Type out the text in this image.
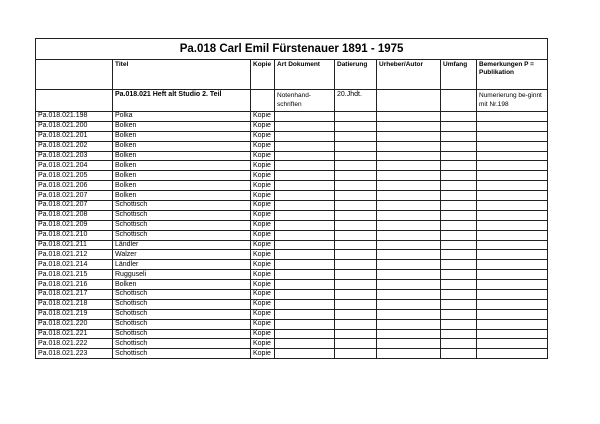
Pa.018 Carl Emil Fürstenauer 1891 - 1975							
	Titel	Kopie	Art Dokument	Datierung	Urheber/Autor	Umfang	Bemerkungen P = Publikation
	Pa.018.021 Heft alt Studio 2. Teil		Notenhand-schriften	20.Jhdt.			Numerierung be-ginnt mit Nr.198
Pa.018.021.198	Polka	Kopie					
Pa.018.021.200	Bolken	Kopie					
Pa.018.021.201	Bolken	Kopie					
Pa.018.021.202	Bolken	Kopie					
Pa.018.021.203	Bolken	Kopie					
Pa.018.021.204	Bolken	Kopie					
Pa.018.021.205	Bolken	Kopie					
Pa.018.021.206	Bolken	Kopie					
Pa.018.021.207	Bolken	Kopie					
Pa.018.021.207	Schottisch	Kopie					
Pa.018.021.208	Schottisch	Kopie					
Pa.018.021.209	Schottisch	Kopie					
Pa.018.021.210	Schottisch	Kopie					
Pa.018.021.211	Ländler	Kopie					
Pa.018.021.212	Walzer	Kopie					
Pa.018.021.214	Ländler	Kopie					
Pa.018.021.215	Rugguseli	Kopie					
Pa.018.021.216	Bolken	Kopie					
Pa.018.021.217	Schottisch	Kopie					
Pa.018.021.218	Schottisch	Kopie					
Pa.018.021.219	Schottisch	Kopie					
Pa.018.021.220	Schottisch	Kopie					
Pa.018.021.221	Schottisch	Kopie					
Pa.018.021.222	Schottisch	Kopie					
Pa.018.021.223	Schottisch	Kopie					
